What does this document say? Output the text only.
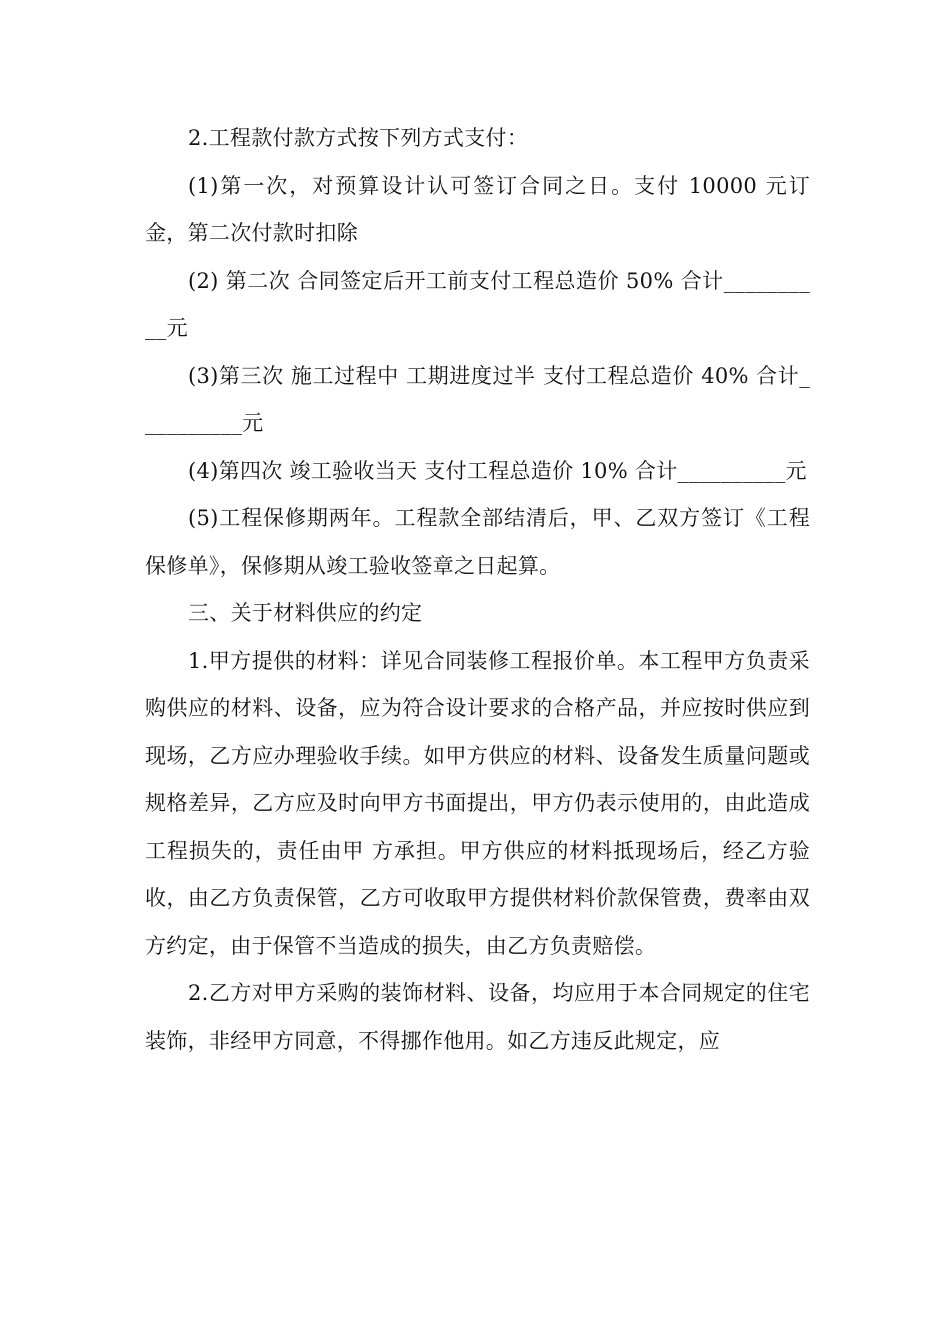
2.工程款付款方式按下列方式支付：

(1)第一次，对预算设计认可签订合同之日。支付 10000 元订金，第二次付款时扣除

(2) 第二次 合同签定后开工前支付工程总造价 50% 合计__________元

(3)第三次 施工过程中 工期进度过半 支付工程总造价 40% 合计__________元

(4)第四次 竣工验收当天 支付工程总造价 10% 合计__________元

(5)工程保修期两年。工程款全部结清后，甲、乙双方签订《工程保修单》，保修期从竣工验收签章之日起算。

三、关于材料供应的约定

1.甲方提供的材料：详见合同装修工程报价单。本工程甲方负责采购供应的材料、设备，应为符合设计要求的合格产品，并应按时供应到 现场，乙方应办理验收手续。如甲方供应的材料、设备发生质量问题或规格差异，乙方应及时向甲方书面提出，甲方仍表示使用的，由此造成工程损失的，责任由甲 方承担。甲方供应的材料抵现场后，经乙方验收，由乙方负责保管，乙方可收取甲方提供材料价款保管费，费率由双方约定，由于保管不当造成的损失，由乙方负责赔偿。

2.乙方对甲方采购的装饰材料、设备，均应用于本合同规定的住宅装饰，非经甲方同意，不得挪作他用。如乙方违反此规定，应
